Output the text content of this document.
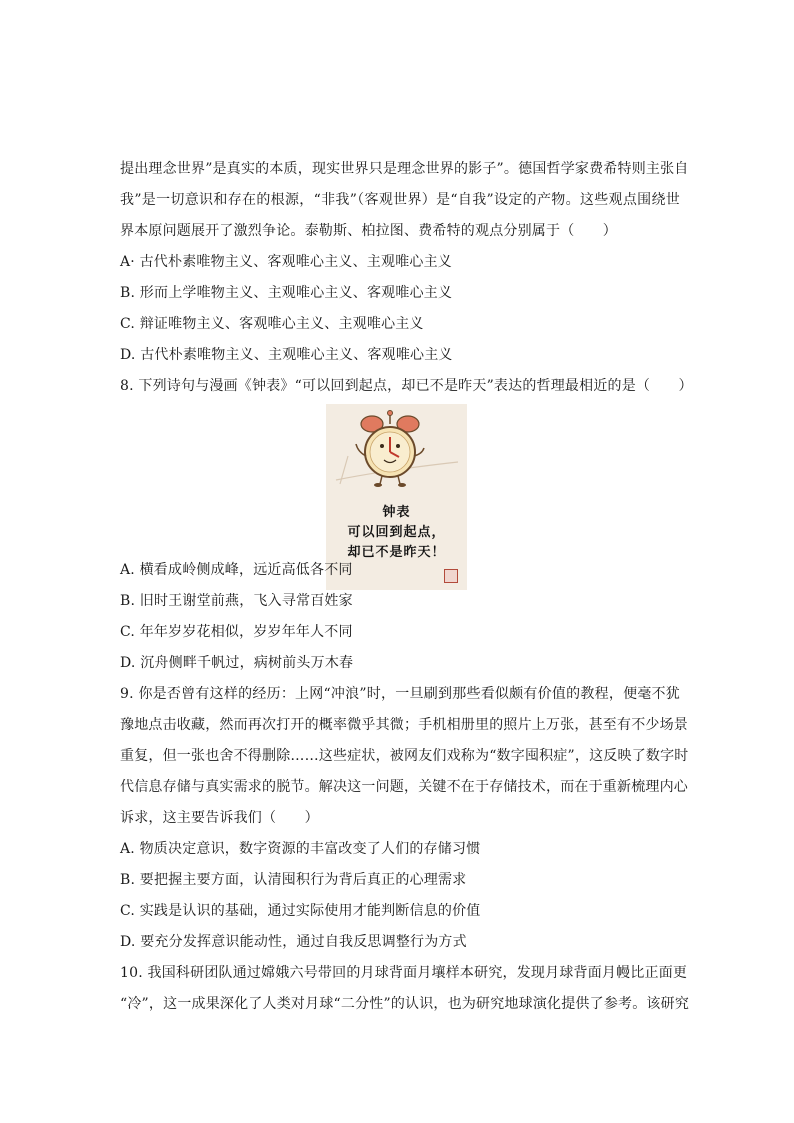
提出理念世界”是真实的本质，现实世界只是理念世界的影子”。德国哲学家费希特则主张自
我”是一切意识和存在的根源，“非我”（客观世界）是“自我”设定的产物。这些观点围绕世
界本原问题展开了激烈争论。泰勒斯、柏拉图、费希特的观点分别属于（　　）
A· 古代朴素唯物主义、客观唯心主义、主观唯心主义
B. 形而上学唯物主义、主观唯心主义、客观唯心主义
C. 辩证唯物主义、客观唯心主义、主观唯心主义
D. 古代朴素唯物主义、主观唯心主义、客观唯心主义
8. 下列诗句与漫画《钟表》“可以回到起点，却已不是昨天”表达的哲理最相近的是（　　）
钟表
可以回到起点，
却已不是昨天！
A. 横看成岭侧成峰，远近高低各不同
B. 旧时王谢堂前燕，飞入寻常百姓家
C. 年年岁岁花相似，岁岁年年人不同
D. 沉舟侧畔千帆过，病树前头万木春
9. 你是否曾有这样的经历：上网“冲浪”时，一旦刷到那些看似颇有价值的教程，便毫不犹
豫地点击收藏，然而再次打开的概率微乎其微；手机相册里的照片上万张，甚至有不少场景
重复，但一张也舍不得删除……这些症状，被网友们戏称为“数字囤积症”，这反映了数字时
代信息存储与真实需求的脱节。解决这一问题，关键不在于存储技术，而在于重新梳理内心
诉求，这主要告诉我们（　　）
A. 物质决定意识，数字资源的丰富改变了人们的存储习惯
B. 要把握主要方面，认清囤积行为背后真正的心理需求
C. 实践是认识的基础，通过实际使用才能判断信息的价值
D. 要充分发挥意识能动性，通过自我反思调整行为方式
10. 我国科研团队通过嫦娥六号带回的月球背面月壤样本研究，发现月球背面月幔比正面更
“冷”，这一成果深化了人类对月球“二分性”的认识，也为研究地球演化提供了参考。该研究
